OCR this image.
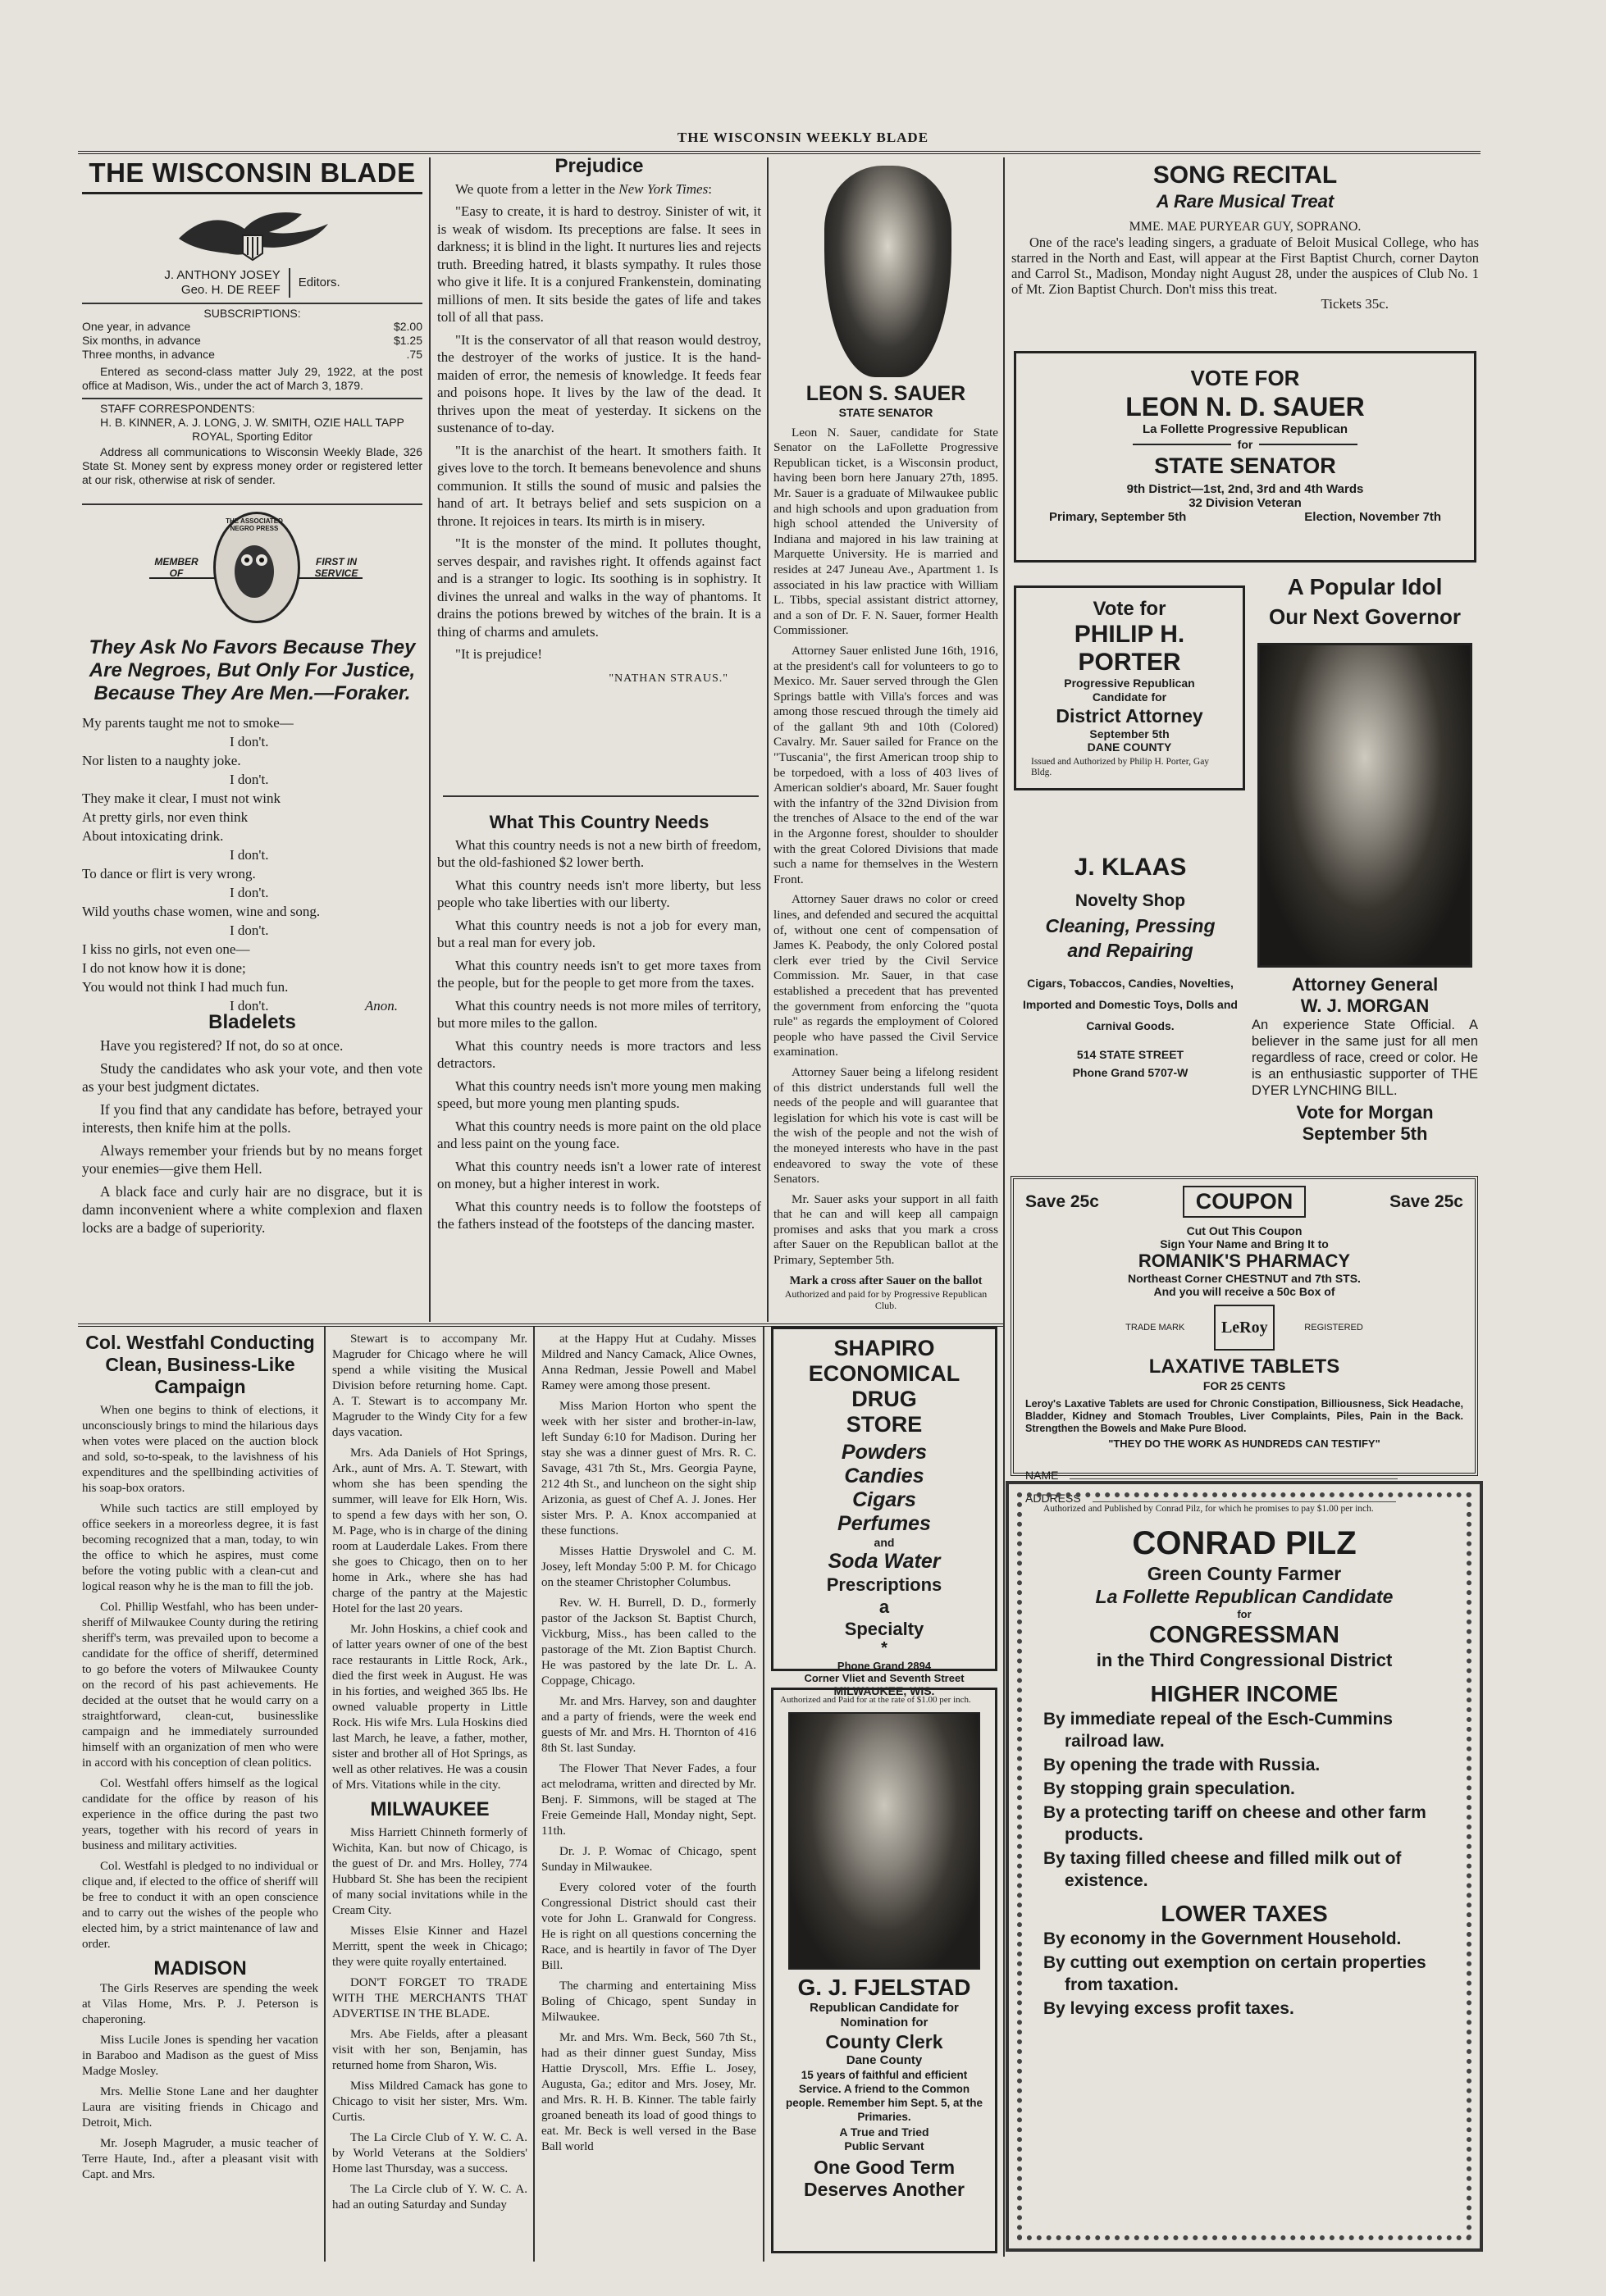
THE WISCONSIN WEEKLY BLADE
THE WISCONSIN BLADE
J. ANTHONY JOSEY
Geo. H. DE REEF
Editors.
SUBSCRIPTIONS:
One year, in advance	$2.00
Six months, in advance	$1.25
Three months, in advance	.75

Entered as second-class matter July 29, 1922, at the post office at Madison, Wis., under the act of March 3, 1879.

STAFF CORRESPONDENTS:
H. B. KINNER, A. J. LONG, J. W. SMITH, OZIE HALL TAPP ROYAL, Sporting Editor

Address all communications to Wisconsin Weekly Blade, 326 State St. Money sent by express money order or registered letter at our risk, otherwise at risk of sender.

MEMBER OF
FIRST IN SERVICE
THE ASSOCIATED NEGRO PRESS
They Ask No Favors Because They Are Negroes, But Only For Justice, Because They Are Men.—Foraker.
My parents taught me not to smoke—
I don't.
Nor listen to a naughty joke.
I don't.
They make it clear, I must not wink
At pretty girls, nor even think
About intoxicating drink.
I don't.
To dance or flirt is very wrong.
I don't.
Wild youths chase women, wine and song.
I don't.
I kiss no girls, not even one—
I do not know how it is done;
You would not think I had much fun.
I don't.	Anon.
Bladelets

Have you registered? If not, do so at once.

Study the candidates who ask your vote, and then vote as your best judgment dictates.

If you find that any candidate has before, betrayed your interests, then knife him at the polls.

Always remember your friends but by no means forget your enemies—give them Hell.

A black face and curly hair are no disgrace, but it is damn inconvenient where a white complexion and flaxen locks are a badge of superiority.

Prejudice

We quote from a letter in the New York Times:

"Easy to create, it is hard to destroy. Sinister of wit, it is weak of wisdom. Its preceptions are false. It sees in darkness; it is blind in the light. It nurtures lies and rejects truth. Breeding hatred, it blasts sympathy. It rules those who give it life. It is a conjured Frankenstein, dominating millions of men. It sits beside the gates of life and takes toll of all that pass.

"It is the conservator of all that reason would destroy, the destroyer of the works of justice. It is the hand-maiden of error, the nemesis of knowledge. It feeds fear and poisons hope. It lives by the law of the dead. It thrives upon the meat of yesterday. It sickens on the sustenance of to-day.

"It is the anarchist of the heart. It smothers faith. It gives love to the torch. It bemeans benevolence and shuns communion. It stills the sound of music and palsies the hand of art. It betrays belief and sets suspicion on a throne. It rejoices in tears. Its mirth is in misery.

"It is the monster of the mind. It pollutes thought, serves despair, and ravishes right. It offends against fact and is a stranger to logic. Its soothing is in sophistry. It divines the unreal and walks in the way of phantoms. It drains the potions brewed by witches of the brain. It is a thing of charms and amulets.

"It is prejudice!

"NATHAN STRAUS."
What This Country Needs

What this country needs is not a new birth of freedom, but the old-fashioned $2 lower berth.

What this country needs isn't more liberty, but less people who take liberties with our liberty.

What this country needs is not a job for every man, but a real man for every job.

What this country needs isn't to get more taxes from the people, but for the people to get more from the taxes.

What this country needs is not more miles of territory, but more miles to the gallon.

What this country needs is more tractors and less detractors.

What this country needs isn't more young men making speed, but more young men planting spuds.

What this country needs is more paint on the old place and less paint on the young face.

What this country needs isn't a lower rate of interest on money, but a higher interest in work.

What this country needs is to follow the footsteps of the fathers instead of the footsteps of the dancing master.

LEON S. SAUER
STATE SENATOR

Leon N. Sauer, candidate for State Senator on the LaFollette Progressive Republican ticket, is a Wisconsin product, having been born here January 27th, 1895. Mr. Sauer is a graduate of Milwaukee public and high schools and upon graduation from high school attended the University of Indiana and majored in his law training at Marquette University. He is married and resides at 247 Juneau Ave., Apartment 1. Is associated in his law practice with William L. Tibbs, special assistant district attorney, and a son of Dr. F. N. Sauer, former Health Commissioner.

Attorney Sauer enlisted June 16th, 1916, at the president's call for volunteers to go to Mexico. Mr. Sauer served through the Glen Springs battle with Villa's forces and was among those rescued through the timely aid of the gallant 9th and 10th (Colored) Cavalry. Mr. Sauer sailed for France on the "Tuscania", the first American troop ship to be torpedoed, with a loss of 403 lives of American soldier's aboard, Mr. Sauer fought with the infantry of the 32nd Division from the trenches of Alsace to the end of the war in the Argonne forest, shoulder to shoulder with the great Colored Divisions that made such a name for themselves in the Western Front.

Attorney Sauer draws no color or creed lines, and defended and secured the acquittal of, without one cent of compensation of James K. Peabody, the only Colored postal clerk ever tried by the Civil Service Commission. Mr. Sauer, in that case established a precedent that has prevented the government from enforcing the "quota rule" as regards the employment of Colored people who have passed the Civil Service examination.

Attorney Sauer being a lifelong resident of this district understands full well the needs of the people and will guarantee that legislation for which his vote is cast will be the wish of the people and not the wish of the moneyed interests who have in the past endeavored to sway the vote of these Senators.

Mr. Sauer asks your support in all faith that he can and will keep all campaign promises and asks that you mark a cross after Sauer on the Republican ballot at the Primary, September 5th.

Mark a cross after Sauer on the ballot
Authorized and paid for by Progressive Republican Club.
SONG RECITAL
A Rare Musical Treat
MME. MAE PURYEAR GUY, SOPRANO.

One of the race's leading singers, a graduate of Beloit Musical College, who has starred in the North and East, will appear at the First Baptist Church, corner Dayton and Carrol St., Madison, Monday night August 28, under the auspices of Club No. 1 of Mt. Zion Baptist Church. Don't miss this treat.

Tickets 35c.
VOTE FOR
LEON N. D. SAUER
La Follette Progressive Republican
for
STATE SENATOR
9th District—1st, 2nd, 3rd and 4th Wards
32 Division Veteran
Primary, September 5th	Election, November 7th
Vote for
PHILIP H.
PORTER
Progressive Republican
Candidate for
District Attorney
September 5th
DANE COUNTY
Issued and Authorized by Philip H. Porter, Gay Bldg.
J. KLAAS
Novelty Shop
Cleaning, Pressing
and Repairing
Cigars, Tobaccos, Candies, Novelties, Imported and Domestic Toys, Dolls and Carnival Goods.
514 STATE STREET
Phone Grand 5707-W
A Popular Idol
Our Next Governor
Attorney General
W. J. MORGAN
An experience State Official. A believer in the same just for all men regardless of race, creed or color. He is an enthusiastic supporter of THE DYER LYNCHING BILL.
Vote for Morgan
September 5th
Save 25c	COUPON	Save 25c
Cut Out This Coupon
Sign Your Name and Bring It to
ROMANIK'S PHARMACY
Northeast Corner CHESTNUT and 7th STS.
And you will receive a 50c Box of
TRADE MARK	LeRoy	REGISTERED
LAXATIVE TABLETS
FOR 25 CENTS
Leroy's Laxative Tablets are used for Chronic Constipation, Billiousness, Sick Headache, Bladder, Kidney and Stomach Troubles, Liver Complaints, Piles, Pain in the Back. Strengthen the Bowels and Make Pure Blood.
"THEY DO THE WORK AS HUNDREDS CAN TESTIFY"
NAME
ADDRESS
Authorized and Published by Conrad Pilz, for which he promises to pay $1.00 per inch.
CONRAD PILZ
Green County Farmer
La Follette Republican Candidate
for
CONGRESSMAN
in the Third Congressional District
HIGHER INCOME
By immediate repeal of the Esch-Cummins railroad law.
By opening the trade with Russia.
By stopping grain speculation.
By a protecting tariff on cheese and other farm products.
By taxing filled cheese and filled milk out of existence.
LOWER TAXES
By economy in the Government Household.
By cutting out exemption on certain properties from taxation.
By levying excess profit taxes.
Col. Westfahl Conducting Clean, Business-Like Campaign

When one begins to think of elections, it unconsciously brings to mind the hilarious days when votes were placed on the auction block and sold, so-to-speak, to the lavishness of his expenditures and the spellbinding activities of his soap-box orators.

While such tactics are still employed by office seekers in a moreorless degree, it is fast becoming recognized that a man, today, to win the office to which he aspires, must come before the voting public with a clean-cut and logical reason why he is the man to fill the job.

Col. Phillip Westfahl, who has been under-sheriff of Milwaukee County during the retiring sheriff's term, was prevailed upon to become a candidate for the office of sheriff, determined to go before the voters of Milwaukee County on the record of his past achievements. He decided at the outset that he would carry on a straightforward, clean-cut, businesslike campaign and he immediately surrounded himself with an organization of men who were in accord with his conception of clean politics.

Col. Westfahl offers himself as the logical candidate for the office by reason of his experience in the office during the past two years, together with his record of years in business and military activities.

Col. Westfahl is pledged to no individual or clique and, if elected to the office of sheriff will be free to conduct it with an open conscience and to carry out the wishes of the people who elected him, by a strict maintenance of law and order.

MADISON

The Girls Reserves are spending the week at Vilas Home, Mrs. P. J. Peterson is chaperoning.

Miss Lucile Jones is spending her vacation in Baraboo and Madison as the guest of Miss Madge Mosley.

Mrs. Mellie Stone Lane and her daughter Laura are visiting friends in Chicago and Detroit, Mich.

Mr. Joseph Magruder, a music teacher of Terre Haute, Ind., after a pleasant visit with Capt. and Mrs.

Stewart is to accompany Mr. Magruder for Chicago where he will spend a while visiting the Musical Division before returning home. Capt. A. T. Stewart is to accompany Mr. Magruder to the Windy City for a few days vacation.

Mrs. Ada Daniels of Hot Springs, Ark., aunt of Mrs. A. T. Stewart, with whom she has been spending the summer, will leave for Elk Horn, Wis. to spend a few days with her son, O. M. Page, who is in charge of the dining room at Lauderdale Lakes. From there she goes to Chicago, then on to her home in Ark., where she has had charge of the pantry at the Majestic Hotel for the last 20 years.

Mr. John Hoskins, a chief cook and of latter years owner of one of the best race restaurants in Little Rock, Ark., died the first week in August. He was in his forties, and weighed 365 lbs. He owned valuable property in Little Rock. His wife Mrs. Lula Hoskins died last March, he leave, a father, mother, sister and brother all of Hot Springs, as well as other relatives. He was a cousin of Mrs. Vitations while in the city.

MILWAUKEE

Miss Harriett Chinneth formerly of Wichita, Kan. but now of Chicago, is the guest of Dr. and Mrs. Holley, 774 Hubbard St. She has been the recipient of many social invitations while in the Cream City.

Misses Elsie Kinner and Hazel Merritt, spent the week in Chicago; they were quite royally entertained.

DON'T FORGET TO TRADE WITH THE MERCHANTS THAT ADVERTISE IN THE BLADE.

Mrs. Abe Fields, after a pleasant visit with her son, Benjamin, has returned home from Sharon, Wis.

Miss Mildred Camack has gone to Chicago to visit her sister, Mrs. Wm. Curtis.

The La Circle Club of Y. W. C. A. by World Veterans at the Soldiers' Home last Thursday, was a success.

The La Circle club of Y. W. C. A. had an outing Saturday and Sunday

at the Happy Hut at Cudahy. Misses Mildred and Nancy Camack, Alice Ownes, Anna Redman, Jessie Powell and Mabel Ramey were among those present.

Miss Marion Horton who spent the week with her sister and brother-in-law, left Sunday 6:10 for Madison. During her stay she was a dinner guest of Mrs. R. C. Savage, 431 7th St., Mrs. Georgia Payne, 212 4th St., and luncheon on the sight ship Arizonia, as guest of Chef A. J. Jones. Her sister Mrs. P. A. Knox accompanied at these functions.

Misses Hattie Dryswolel and C. M. Josey, left Monday 5:00 P. M. for Chicago on the steamer Christopher Columbus.

Rev. W. H. Burrell, D. D., formerly pastor of the Jackson St. Baptist Church, Vickburg, Miss., has been called to the pastorage of the Mt. Zion Baptist Church. He was pastored by the late Dr. L. A. Coppage, Chicago.

Mr. and Mrs. Harvey, son and daughter and a party of friends, were the week end guests of Mr. and Mrs. H. Thornton of 416 8th St. last Sunday.

The Flower That Never Fades, a four act melodrama, written and directed by Mr. Benj. F. Simmons, will be staged at The Freie Gemeinde Hall, Monday night, Sept. 11th.

Dr. J. P. Womac of Chicago, spent Sunday in Milwaukee.

Every colored voter of the fourth Congressional District should cast their vote for John L. Granwald for Congress. He is right on all questions concerning the Race, and is heartily in favor of The Dyer Bill.

The charming and entertaining Miss Boling of Chicago, spent Sunday in Milwaukee.

Mr. and Mrs. Wm. Beck, 560 7th St., had as their dinner guest Sunday, Miss Hattie Dryscoll, Mrs. Effie L. Josey, Augusta, Ga.; editor and Mrs. Josey, Mr. and Mrs. R. H. B. Kinner. The table fairly groaned beneath its load of good things to eat. Mr. Beck is well versed in the Base Ball world

SHAPIRO
ECONOMICAL
DRUG
STORE
Powders
Candies
Cigars
Perfumes
and
Soda Water
Prescriptions
a
Specialty
*
Phone Grand 2894
Corner Vliet and Seventh Street
MILWAUKEE, WIS.
Authorized and Paid for at the rate of $1.00 per inch.
G. J. FJELSTAD
Republican Candidate for
Nomination for
County Clerk
Dane County
15 years of faithful and efficient Service. A friend to the Common people. Remember him Sept. 5, at the Primaries.
A True and Tried
Public Servant
One Good Term
Deserves Another
